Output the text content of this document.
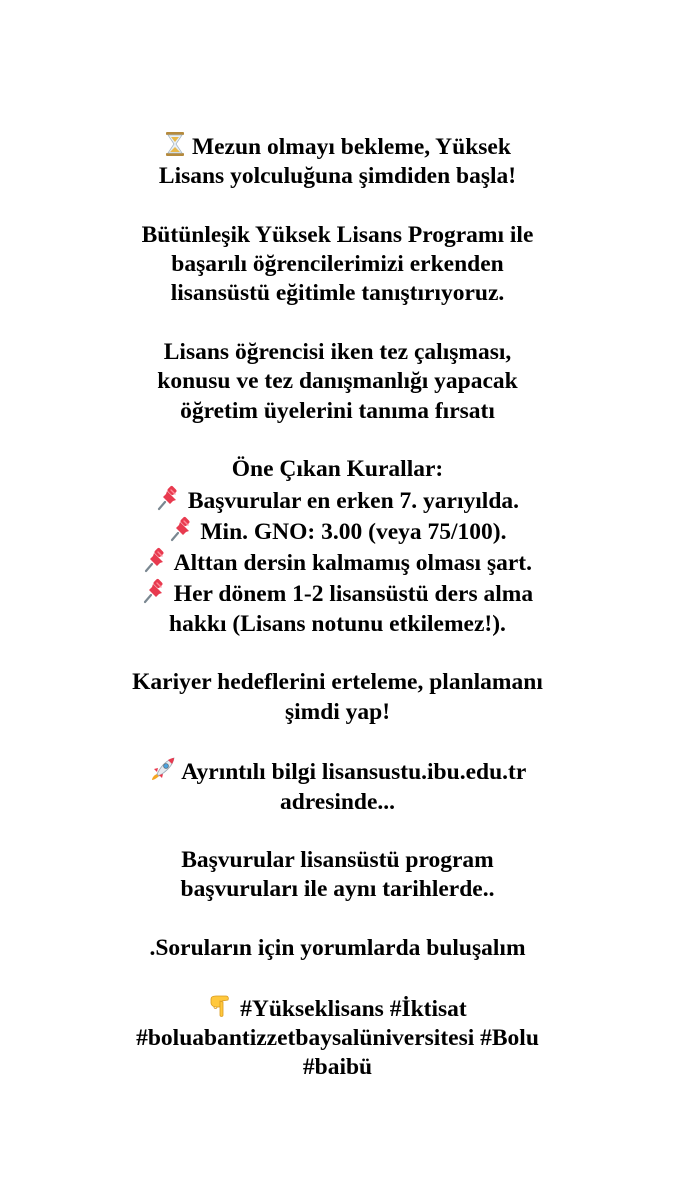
Mezun olmayı bekleme, Yüksek
Lisans yolculuğuna şimdiden başla!
Bütünleşik Yüksek Lisans Programı ile
başarılı öğrencilerimizi erkenden
lisansüstü eğitimle tanıştırıyoruz.
Lisans öğrencisi iken tez çalışması,
konusu ve tez danışmanlığı yapacak
öğretim üyelerini tanıma fırsatı
Öne Çıkan Kurallar:
Başvurular en erken 7. yarıyılda.
Min. GNO: 3.00 (veya 75/100).
Alttan dersin kalmamış olması şart.
Her dönem 1-2 lisansüstü ders alma
hakkı (Lisans notunu etkilemez!).
Kariyer hedeflerini erteleme, planlamanı
şimdi yap!
Ayrıntılı bilgi lisansustu.ibu.edu.tr
adresinde...
Başvurular lisansüstü program
başvuruları ile aynı tarihlerde..
.Soruların için yorumlarda buluşalım
#Yükseklisans #İktisat
#boluabantizzetbaysalüniversitesi #Bolu
#baibü
